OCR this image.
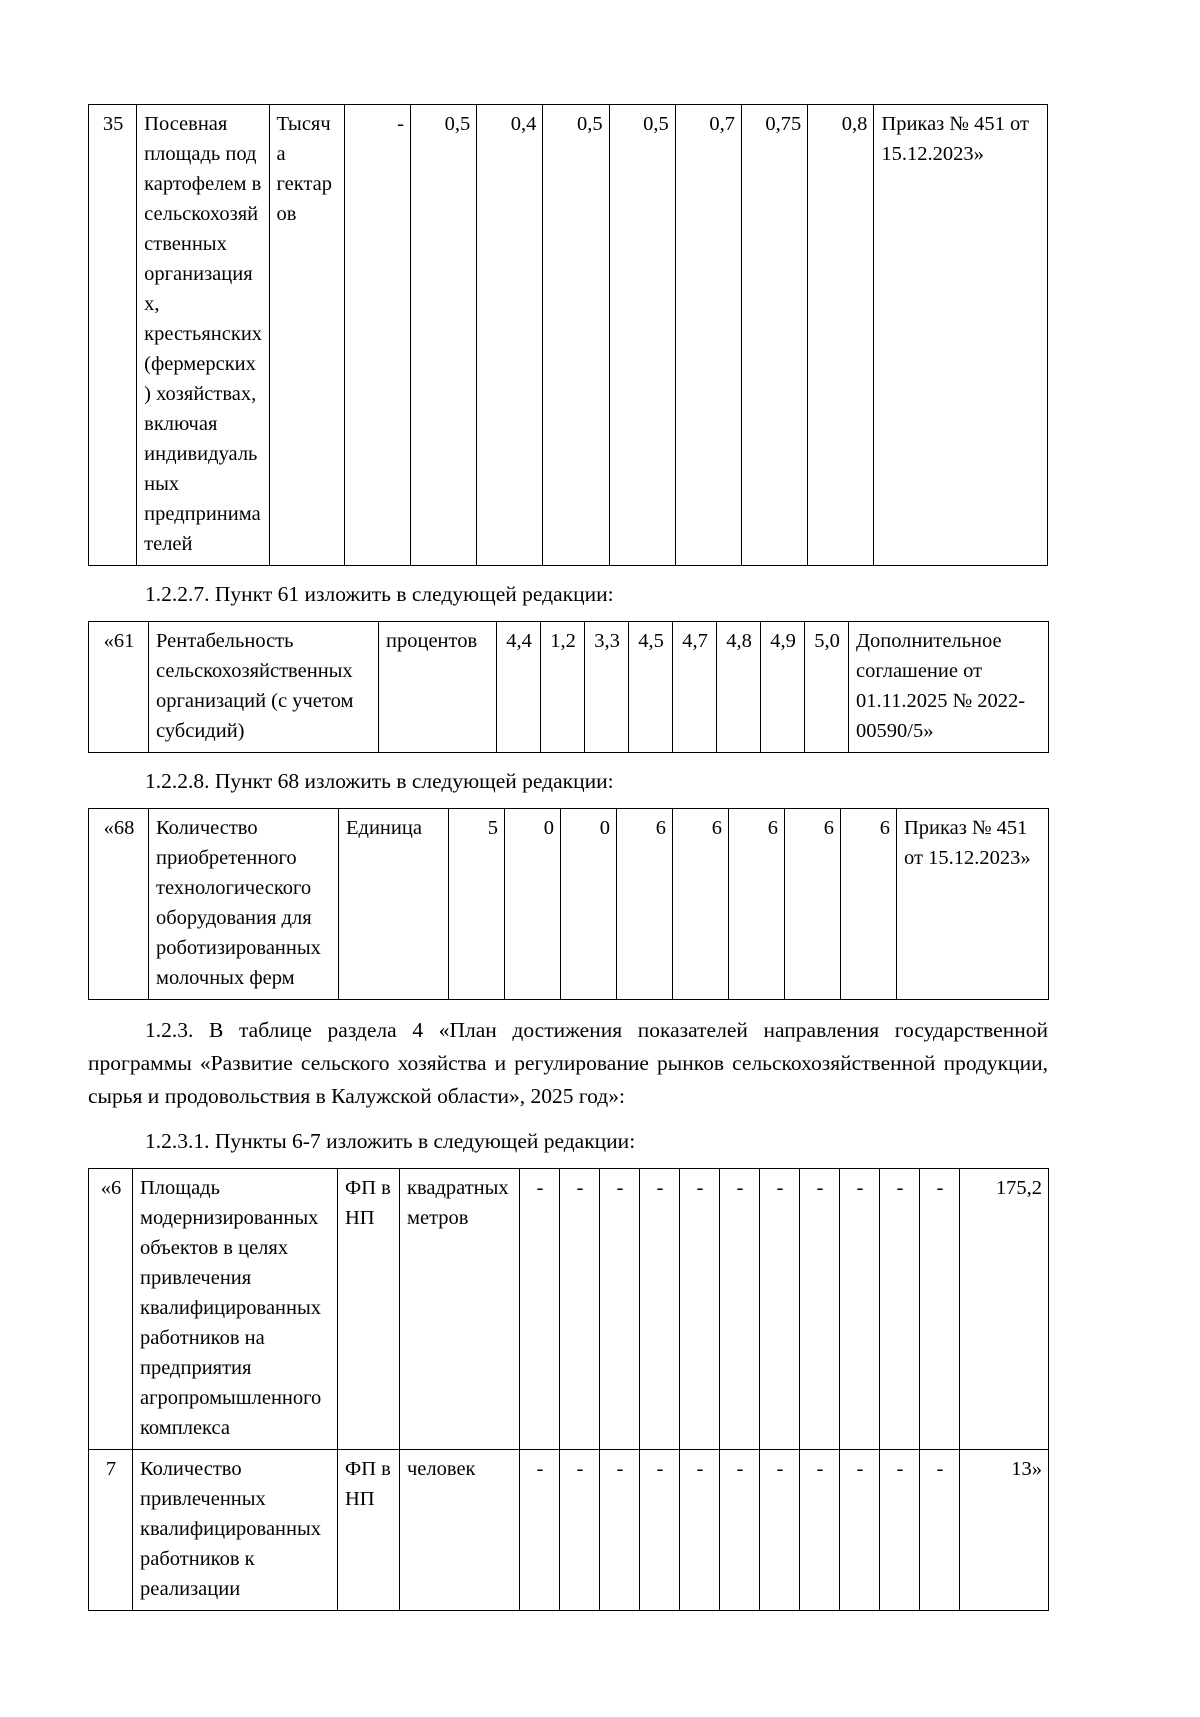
35	Посевная площадь под картофелем в сельскохозяйственных организациях, крестьянских (фермерских) хозяйствах, включая индивидуальных предпринимателей	Тысяча гектаров	-	0,5	0,4	0,5	0,5	0,7	0,75	0,8	Приказ № 451 от 15.12.2023»

1.2.2.7. Пункт 61 изложить в следующей редакции:

«61	Рентабельность сельскохозяйственных организаций (с учетом субсидий)	процентов	4,4	1,2	3,3	4,5	4,7	4,8	4,9	5,0	Дополнительное соглашение от 01.11.2025 № 2022-00590/5»

1.2.2.8. Пункт 68 изложить в следующей редакции:

«68	Количество приобретенного технологического оборудования для роботизированных молочных ферм	Единица	5	0	0	6	6	6	6	6	Приказ № 451 от 15.12.2023»

1.2.3. В таблице раздела 4 «План достижения показателей направления государственной программы «Развитие сельского хозяйства и регулирование рынков сельскохозяйственной продукции, сырья и продовольствия в Калужской области», 2025 год»:

1.2.3.1. Пункты 6-7 изложить в следующей редакции:

«6	Площадь модернизированных объектов в целях привлечения квалифицированных работников на предприятия агропромышленного комплекса	ФП в НП	квадратных метров	-	-	-	-	-	-	-	-	-	-	-	175,2
7	Количество привлеченных квалифицированных работников к реализации	ФП в НП	человек	-	-	-	-	-	-	-	-	-	-	-	13»
